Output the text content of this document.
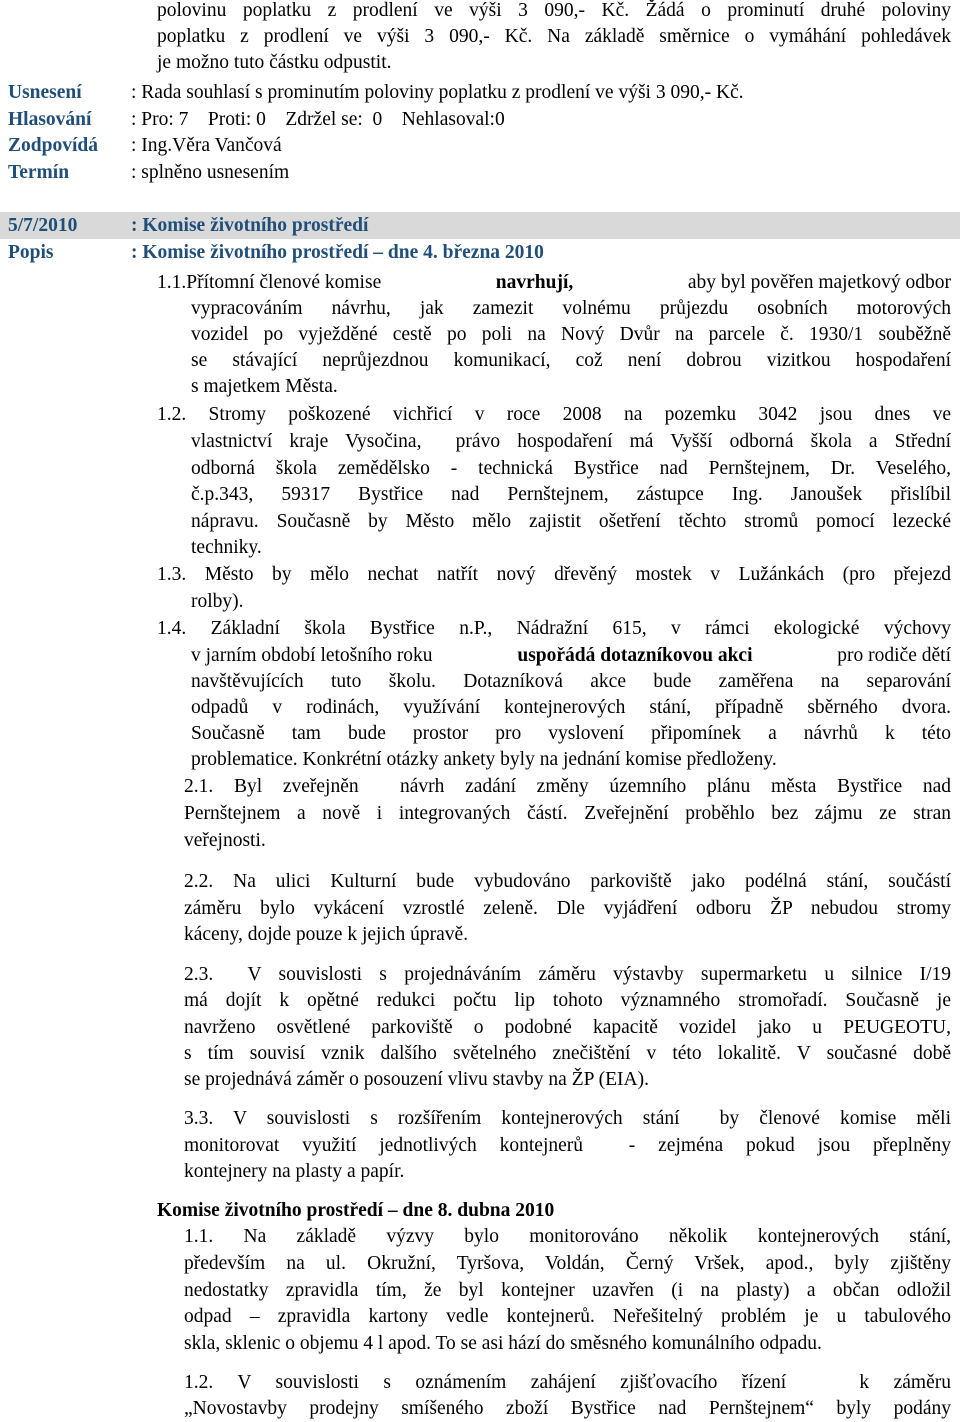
polovinu poplatku z prodlení ve výši 3 090,- Kč. Žádá o prominutí druhé poloviny
poplatku z prodlení ve výši 3 090,- Kč. Na základě směrnice o vymáhání pohledávek
je možno tuto částku odpustit.
Usnesení	: Rada souhlasí s prominutím poloviny poplatku z prodlení ve výši 3 090,- Kč.
Hlasování : Pro: 7    Proti: 0    Zdržel se:  0    Nehlasoval:0
Zodpovídá : Ing.Věra Vančová
Termín	: splněno usnesením
5/7/2010	: Komise životního prostředí
Popis	: Komise životního prostředí – dne 4. března 2010
1.1.Přítomní členové komise	navrhují,	aby byl pověřen majetkový odbor
vypracováním návrhu, jak zamezit volnému průjezdu osobních motorových
vozidel po vyježděné cestě po poli na Nový Dvůr na parcele č. 1930/1 souběžně
se stávající neprůjezdnou komunikací, což není dobrou vizitkou hospodaření
s majetkem Města.
1.2. Stromy poškozené vichřicí v roce 2008 na pozemku 3042 jsou dnes ve
vlastnictví kraje Vysočina,  právo hospodaření má Vyšší odborná škola a Střední
odborná škola zemědělsko - technická Bystřice nad Pernštejnem, Dr. Veselého,
č.p.343, 59317 Bystřice nad Pernštejnem, zástupce Ing. Janoušek přislíbil
nápravu. Současně by Město mělo zajistit ošetření těchto stromů pomocí lezecké
techniky.
1.3. Město by mělo nechat natřít nový dřevěný mostek v Lužánkách (pro přejezd
rolby).
1.4. Základní škola Bystřice n.P., Nádražní 615, v rámci ekologické výchovy
v jarním období letošního roku	uspořádá dotazníkovou akci	pro rodiče dětí
navštěvujících tuto školu. Dotazníková akce bude zaměřena na separování
odpadů v rodinách, využívání kontejnerových stání, případně sběrného dvora.
Současně tam bude prostor pro vyslovení připomínek a návrhů k této
problematice. Konkrétní otázky ankety byly na jednání komise předloženy.
2.1. Byl zveřejněn  návrh zadání změny územního plánu města Bystřice nad
Pernštejnem a nově i integrovaných částí. Zveřejnění proběhlo bez zájmu ze stran
veřejnosti.
2.2. Na ulici Kulturní bude vybudováno parkoviště jako podélná stání, součástí
záměru bylo vykácení vzrostlé zeleně. Dle vyjádření odboru ŽP nebudou stromy
káceny, dojde pouze k jejich úpravě.
2.3.  V souvislosti s projednáváním záměru výstavby supermarketu u silnice I/19
má dojít k opětné redukci počtu lip tohoto významného stromořadí. Současně je
navrženo osvětlené parkoviště o podobné kapacitě vozidel jako u PEUGEOTU,
s tím souvisí vznik dalšího světelného znečištění v této lokalitě. V současné době
se projednává záměr o posouzení vlivu stavby na ŽP (EIA).
3.3. V souvislosti s rozšířením kontejnerových stání  by členové komise měli
monitorovat využití jednotlivých kontejnerů  - zejména pokud jsou přeplněny
kontejnery na plasty a papír.
Komise životního prostředí – dne 8. dubna 2010
1.1. Na základě výzvy bylo monitorováno několik kontejnerových stání,
především na ul. Okružní, Tyršova, Voldán, Černý Vršek, apod., byly zjištěny
nedostatky zpravidla tím, že byl kontejner uzavřen (i na plasty) a občan odložil
odpad – zpravidla kartony vedle kontejnerů. Neřešitelný problém je u tabulového
skla, sklenic o objemu 4 l apod. To se asi hází do směsného komunálního odpadu.
1.2. V souvislosti s oznámením zahájení zjišťovacího řízení   k záměru
„Novostavby prodejny smíšeného zboží Bystřice nad Pernštejnem“ byly podány
